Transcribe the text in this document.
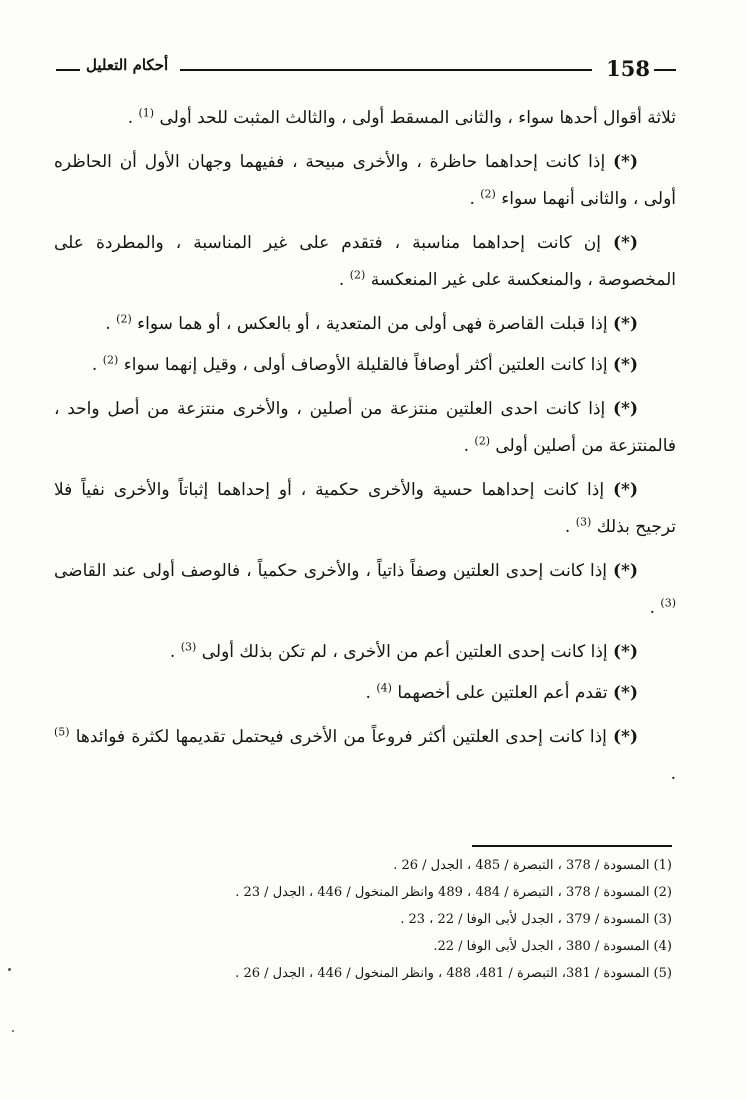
158
أحكام التعليل

ثلاثة أقوال أحدها سواء ، والثانى المسقط أولى ، والثالث المثبت للحد أولى $^{(1)}$ .

(*) إذا كانت إحداهما حاظرة ، والأخرى مبيحة ، ففيهما وجهان الأول أن الحاظره أولى ، والثانى أنهما سواء $^{(2)}$ .

(*) إن كانت إحداهما مناسبة ، فتقدم على غير المناسبة ، والمطردة على المخصوصة ، والمنعكسة على غير المنعكسة $^{(2)}$ .

(*) إذا قبلت القاصرة فهى أولى من المتعدية ، أو بالعكس ، أو هما سواء $^{(2)}$ .

(*) إذا كانت العلتين أكثر أوصافاً فالقليلة الأوصاف أولى ، وقيل إنهما سواء $^{(2)}$ .

(*) إذا كانت احدى العلتين منتزعة من أصلين ، والأخرى منتزعة من أصل واحد ، فالمنتزعة من أصلين أولى $^{(2)}$ .

(*) إذا كانت إحداهما حسية والأخرى حكمية ، أو إحداهما إثباتاً والأخرى نفياً فلا ترجيح بذلك $^{(3)}$ .

(*) إذا كانت إحدى العلتين وصفاً ذاتياً ، والأخرى حكمياً ، فالوصف أولى عند القاضى $^{(3)}$ .

(*) إذا كانت إحدى العلتين أعم من الأخرى ، لم تكن بذلك أولى $^{(3)}$ .

(*) تقدم أعم العلتين على أخصهما $^{(4)}$ .

(*) إذا كانت إحدى العلتين أكثر فروعاً من الأخرى فيحتمل تقديمها لكثرة فوائدها $^{(5)}$ .

(1) المسودة / 378 ، التبصرة / 485 ، الجدل / 26 .
(2) المسودة / 378 ، التبصرة / 484 ، 489 وانظر المنخول / 446 ، الجدل / 23 .
(3) المسودة / 379 ، الجدل لأبى الوفا / 22 ، 23 .
(4) المسودة / 380 ، الجدل لأبى الوفا / 22.
(5) المسودة / 381، التبصرة / 481، 488 ، وانظر المنخول / 446 ، الجدل / 26 .
